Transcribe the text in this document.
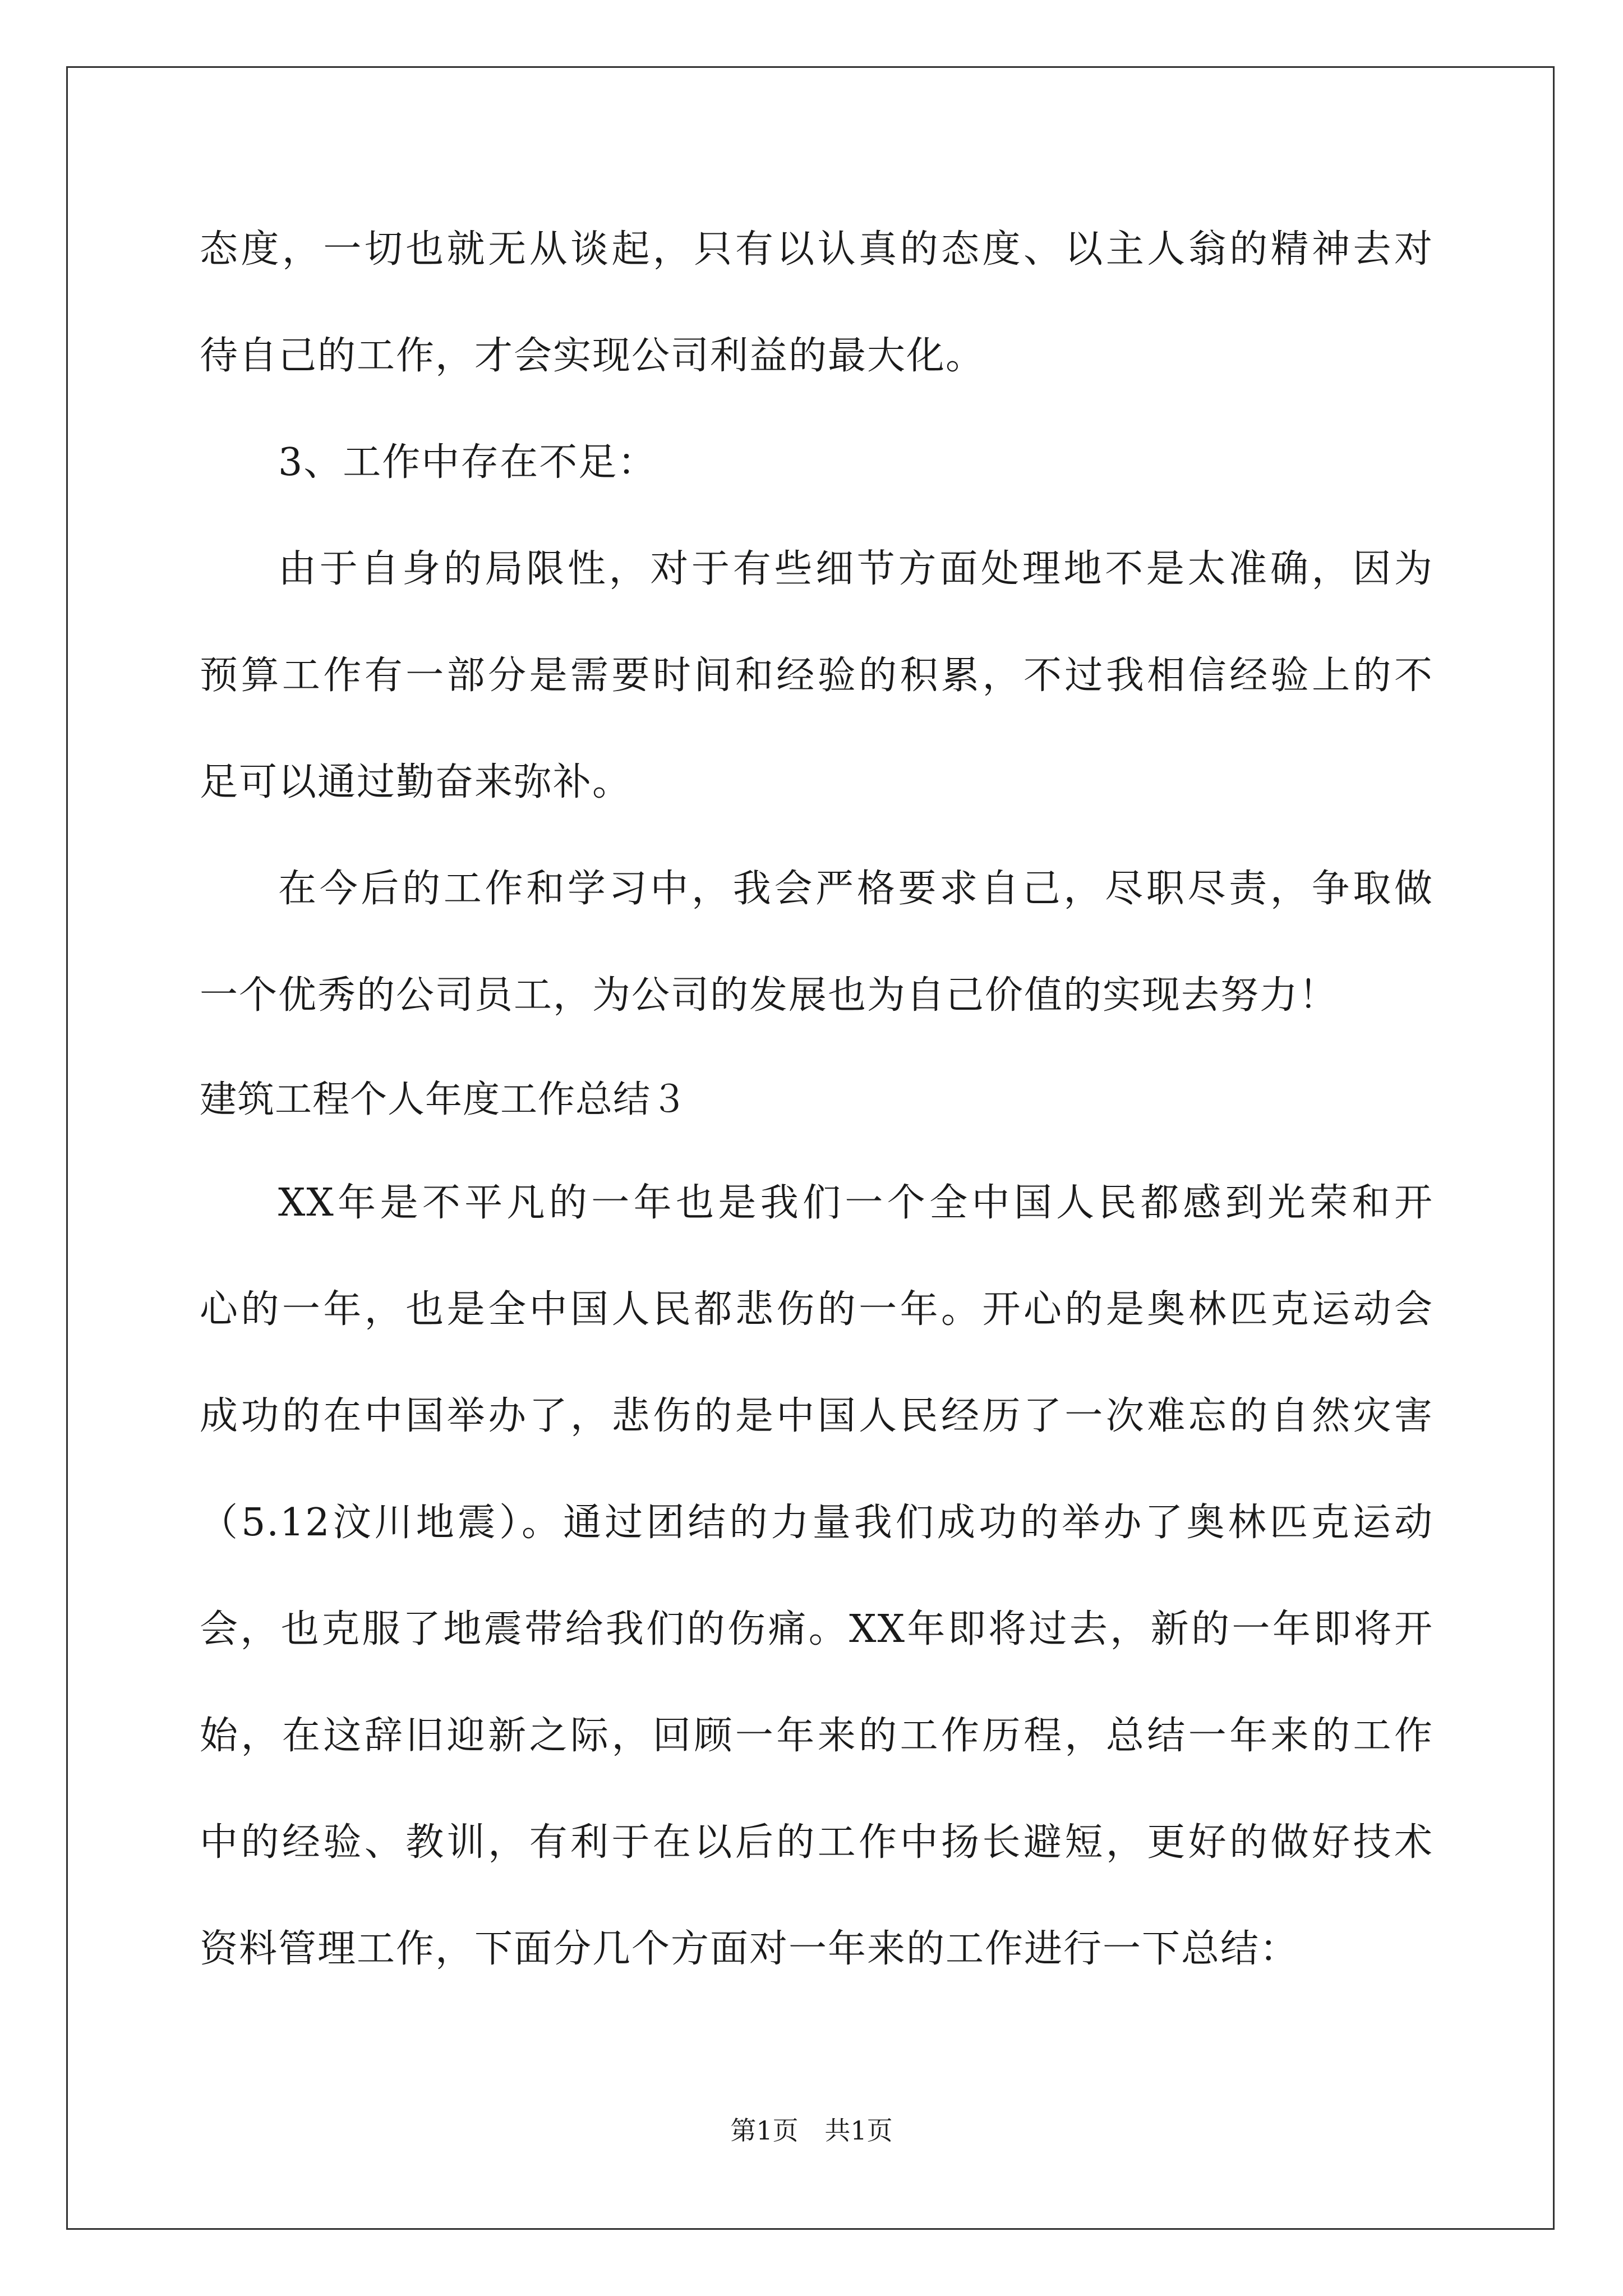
态度，一切也就无从谈起，只有以认真的态度、以主人翁的精神去对
待自己的工作，才会实现公司利益的最大化。
3、工作中存在不足：
由于自身的局限性，对于有些细节方面处理地不是太准确，因为
预算工作有一部分是需要时间和经验的积累，不过我相信经验上的不
足可以通过勤奋来弥补。
在今后的工作和学习中，我会严格要求自己，尽职尽责，争取做
一个优秀的公司员工，为公司的发展也为自己价值的实现去努力！
建筑工程个人年度工作总结３
XX年是不平凡的一年也是我们一个全中国人民都感到光荣和开
心的一年，也是全中国人民都悲伤的一年。开心的是奥林匹克运动会
成功的在中国举办了，悲伤的是中国人民经历了一次难忘的自然灾害
（5.12汶川地震）。通过团结的力量我们成功的举办了奥林匹克运动
会，也克服了地震带给我们的伤痛。XX年即将过去，新的一年即将开
始，在这辞旧迎新之际，回顾一年来的工作历程，总结一年来的工作
中的经验、教训，有利于在以后的工作中扬长避短，更好的做好技术
资料管理工作，下面分几个方面对一年来的工作进行一下总结：
第1页 共1页
